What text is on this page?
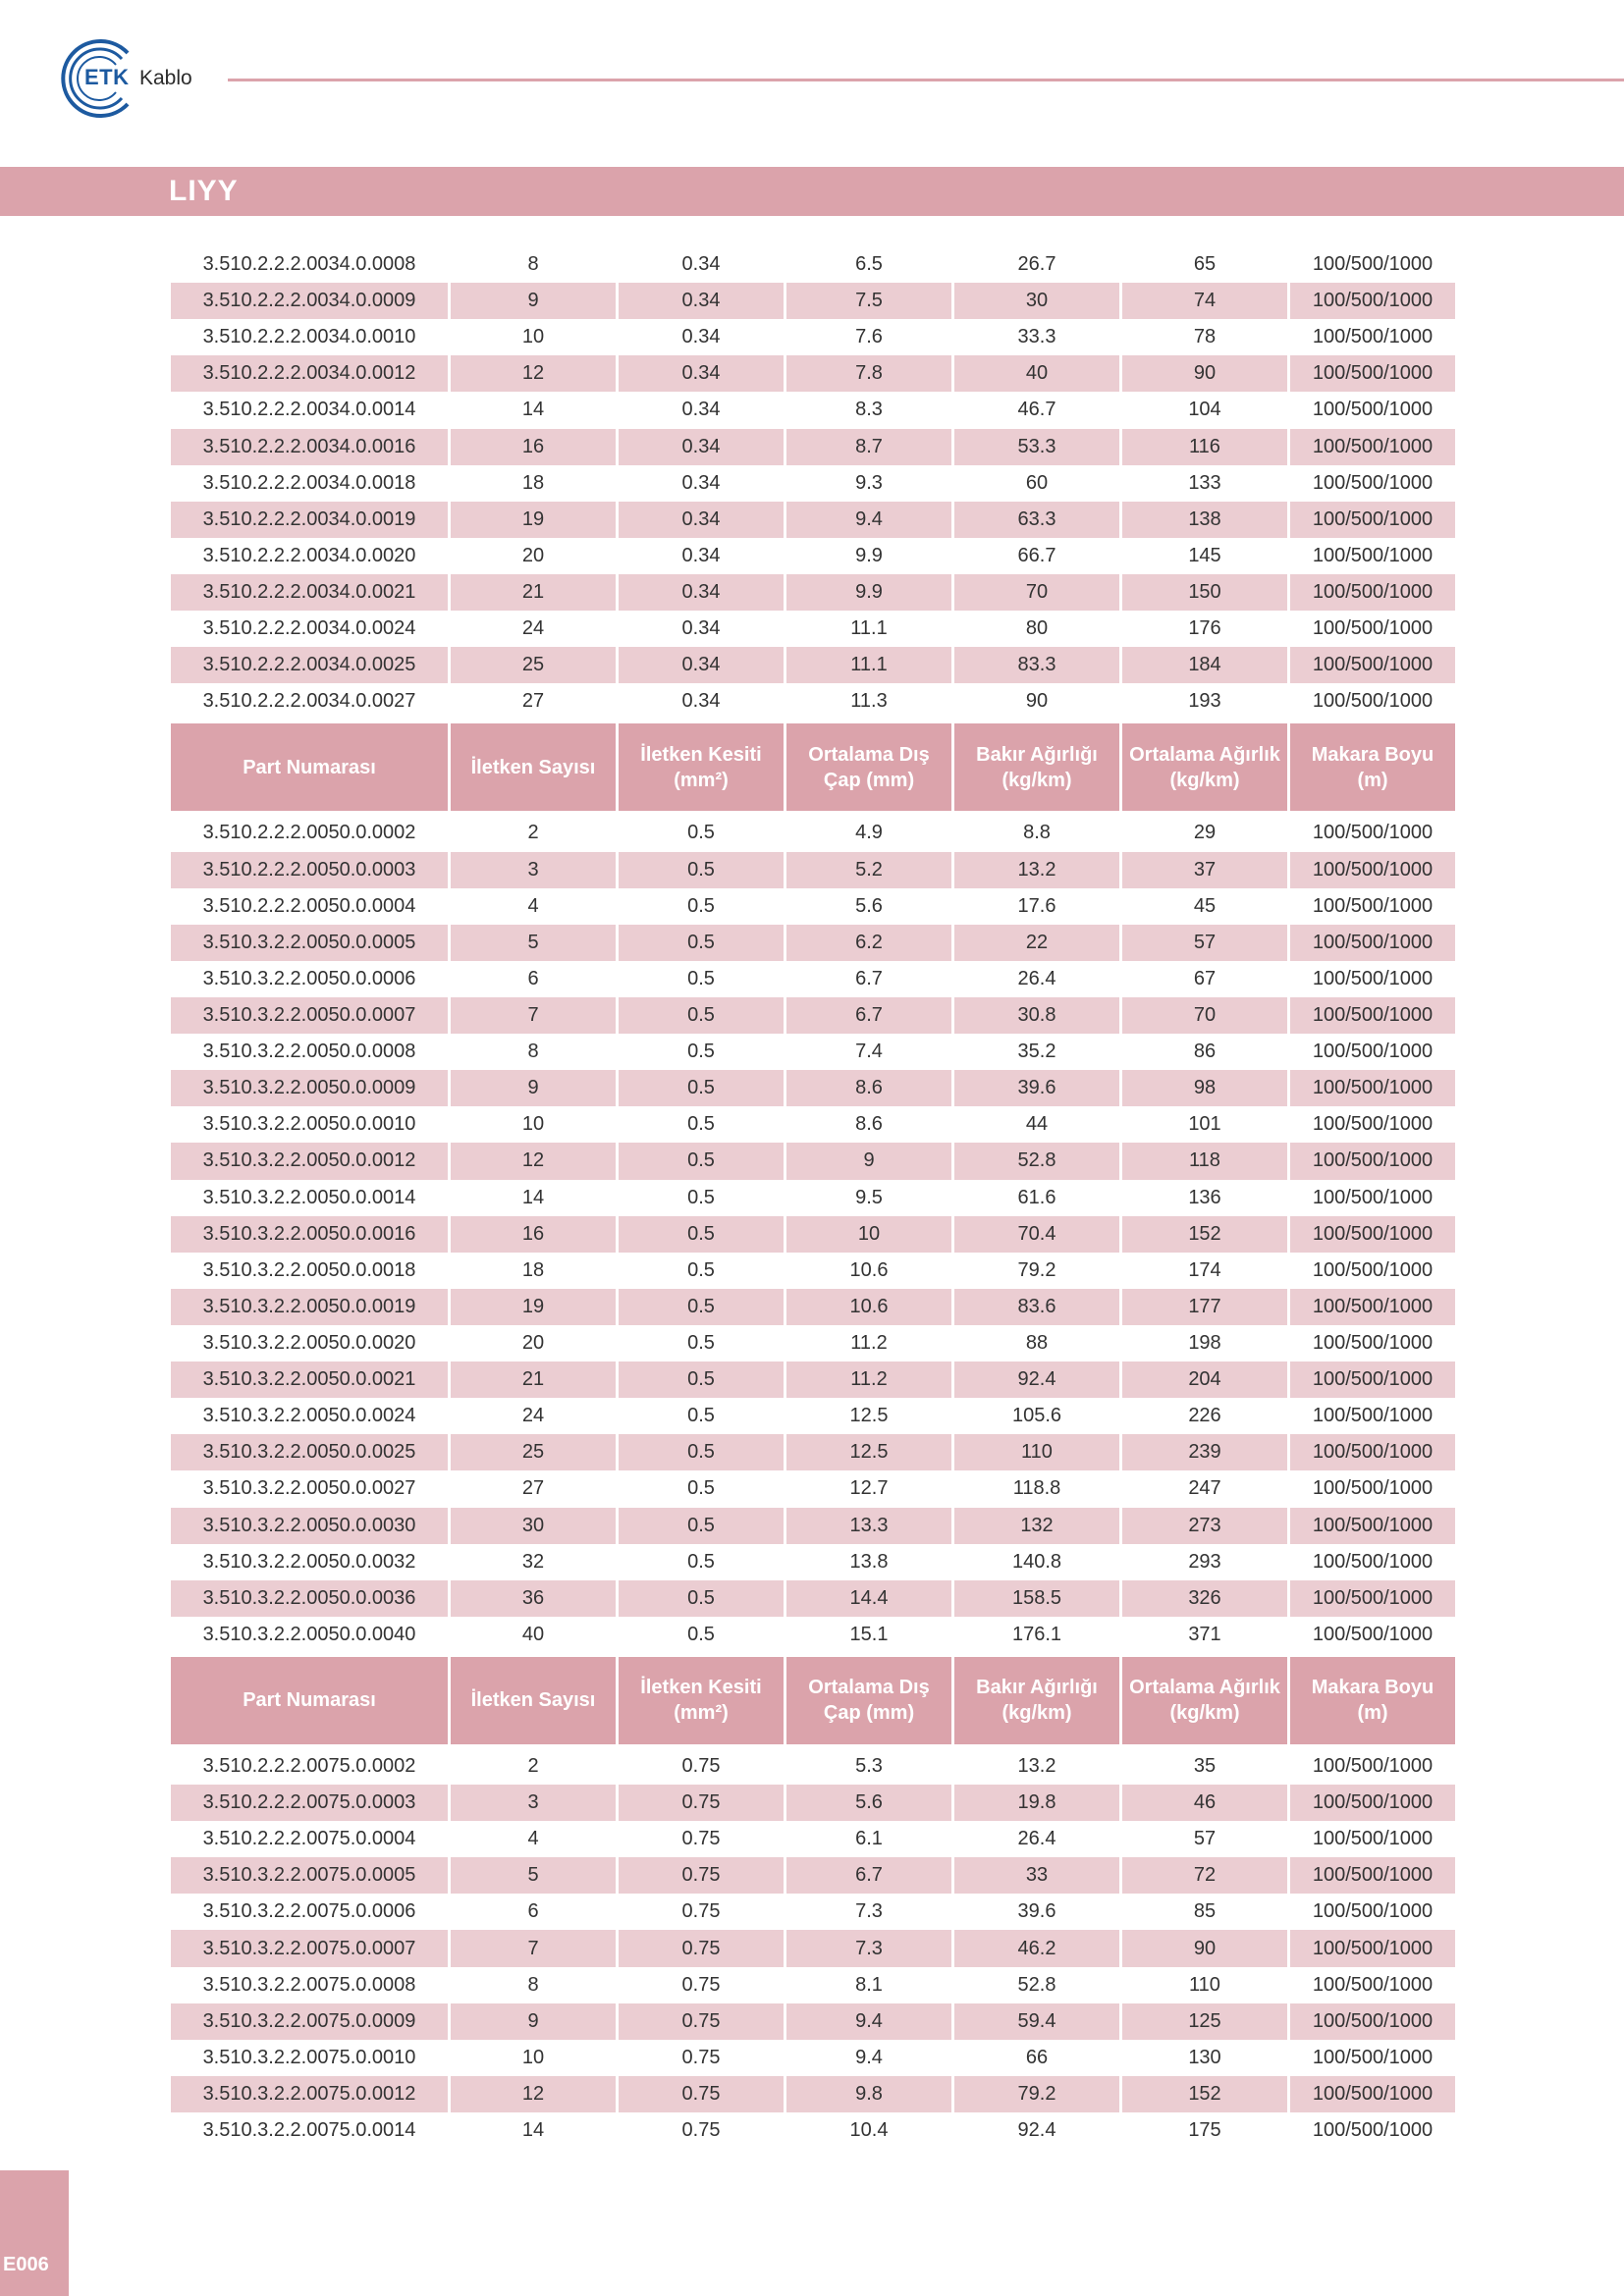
ETK Kablo
LIYY
3.510.2.2.2.0034.0.0008	8	0.34	6.5	26.7	65	100/500/1000
3.510.2.2.2.0034.0.0009	9	0.34	7.5	30	74	100/500/1000
3.510.2.2.2.0034.0.0010	10	0.34	7.6	33.3	78	100/500/1000
3.510.2.2.2.0034.0.0012	12	0.34	7.8	40	90	100/500/1000
3.510.2.2.2.0034.0.0014	14	0.34	8.3	46.7	104	100/500/1000
3.510.2.2.2.0034.0.0016	16	0.34	8.7	53.3	116	100/500/1000
3.510.2.2.2.0034.0.0018	18	0.34	9.3	60	133	100/500/1000
3.510.2.2.2.0034.0.0019	19	0.34	9.4	63.3	138	100/500/1000
3.510.2.2.2.0034.0.0020	20	0.34	9.9	66.7	145	100/500/1000
3.510.2.2.2.0034.0.0021	21	0.34	9.9	70	150	100/500/1000
3.510.2.2.2.0034.0.0024	24	0.34	11.1	80	176	100/500/1000
3.510.2.2.2.0034.0.0025	25	0.34	11.1	83.3	184	100/500/1000
3.510.2.2.2.0034.0.0027	27	0.34	11.3	90	193	100/500/1000
Part Numarası	İletken Sayısı	İletken Kesiti (mm²)	Ortalama Dış Çap (mm)	Bakır Ağırlığı (kg/km)	Ortalama Ağırlık (kg/km)	Makara Boyu (m)
3.510.2.2.2.0050.0.0002	2	0.5	4.9	8.8	29	100/500/1000
3.510.2.2.2.0050.0.0003	3	0.5	5.2	13.2	37	100/500/1000
3.510.2.2.2.0050.0.0004	4	0.5	5.6	17.6	45	100/500/1000
3.510.3.2.2.0050.0.0005	5	0.5	6.2	22	57	100/500/1000
3.510.3.2.2.0050.0.0006	6	0.5	6.7	26.4	67	100/500/1000
3.510.3.2.2.0050.0.0007	7	0.5	6.7	30.8	70	100/500/1000
3.510.3.2.2.0050.0.0008	8	0.5	7.4	35.2	86	100/500/1000
3.510.3.2.2.0050.0.0009	9	0.5	8.6	39.6	98	100/500/1000
3.510.3.2.2.0050.0.0010	10	0.5	8.6	44	101	100/500/1000
3.510.3.2.2.0050.0.0012	12	0.5	9	52.8	118	100/500/1000
3.510.3.2.2.0050.0.0014	14	0.5	9.5	61.6	136	100/500/1000
3.510.3.2.2.0050.0.0016	16	0.5	10	70.4	152	100/500/1000
3.510.3.2.2.0050.0.0018	18	0.5	10.6	79.2	174	100/500/1000
3.510.3.2.2.0050.0.0019	19	0.5	10.6	83.6	177	100/500/1000
3.510.3.2.2.0050.0.0020	20	0.5	11.2	88	198	100/500/1000
3.510.3.2.2.0050.0.0021	21	0.5	11.2	92.4	204	100/500/1000
3.510.3.2.2.0050.0.0024	24	0.5	12.5	105.6	226	100/500/1000
3.510.3.2.2.0050.0.0025	25	0.5	12.5	110	239	100/500/1000
3.510.3.2.2.0050.0.0027	27	0.5	12.7	118.8	247	100/500/1000
3.510.3.2.2.0050.0.0030	30	0.5	13.3	132	273	100/500/1000
3.510.3.2.2.0050.0.0032	32	0.5	13.8	140.8	293	100/500/1000
3.510.3.2.2.0050.0.0036	36	0.5	14.4	158.5	326	100/500/1000
3.510.3.2.2.0050.0.0040	40	0.5	15.1	176.1	371	100/500/1000
Part Numarası	İletken Sayısı	İletken Kesiti (mm²)	Ortalama Dış Çap (mm)	Bakır Ağırlığı (kg/km)	Ortalama Ağırlık (kg/km)	Makara Boyu (m)
3.510.2.2.2.0075.0.0002	2	0.75	5.3	13.2	35	100/500/1000
3.510.2.2.2.0075.0.0003	3	0.75	5.6	19.8	46	100/500/1000
3.510.2.2.2.0075.0.0004	4	0.75	6.1	26.4	57	100/500/1000
3.510.3.2.2.0075.0.0005	5	0.75	6.7	33	72	100/500/1000
3.510.3.2.2.0075.0.0006	6	0.75	7.3	39.6	85	100/500/1000
3.510.3.2.2.0075.0.0007	7	0.75	7.3	46.2	90	100/500/1000
3.510.3.2.2.0075.0.0008	8	0.75	8.1	52.8	110	100/500/1000
3.510.3.2.2.0075.0.0009	9	0.75	9.4	59.4	125	100/500/1000
3.510.3.2.2.0075.0.0010	10	0.75	9.4	66	130	100/500/1000
3.510.3.2.2.0075.0.0012	12	0.75	9.8	79.2	152	100/500/1000
3.510.3.2.2.0075.0.0014	14	0.75	10.4	92.4	175	100/500/1000
E006
